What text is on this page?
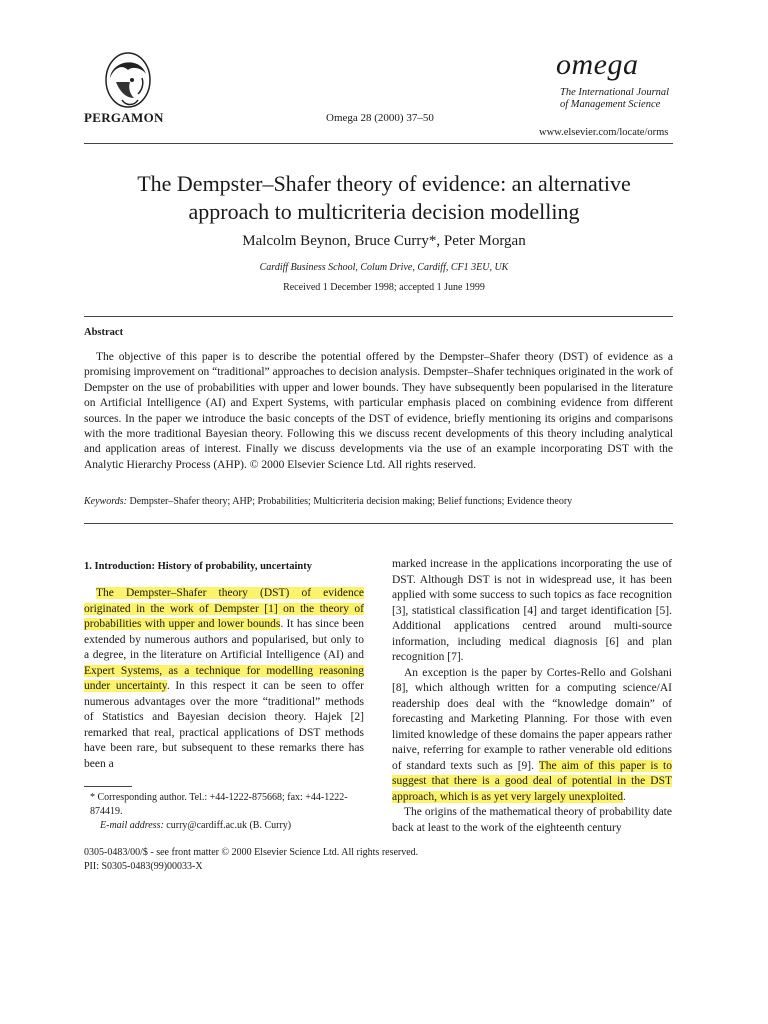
PERGAMON	Omega 28 (2000) 37–50
omega
The International Journal
of Management Science
www.elsevier.com/locate/orms
The Dempster–Shafer theory of evidence: an alternative
approach to multicriteria decision modelling
Malcolm Beynon, Bruce Curry*, Peter Morgan
Cardiff Business School, Colum Drive, Cardiff, CF1 3EU, UK
Received 1 December 1998; accepted 1 June 1999
Abstract

The objective of this paper is to describe the potential offered by the Dempster–Shafer theory (DST) of evidence as a promising improvement on “traditional” approaches to decision analysis. Dempster–Shafer techniques originated in the work of Dempster on the use of probabilities with upper and lower bounds. They have subsequently been popularised in the literature on Artificial Intelligence (AI) and Expert Systems, with particular emphasis placed on combining evidence from different sources. In the paper we introduce the basic concepts of the DST of evidence, briefly mentioning its origins and comparisons with the more traditional Bayesian theory. Following this we discuss recent developments of this theory including analytical and application areas of interest. Finally we discuss developments via the use of an example incorporating DST with the Analytic Hierarchy Process (AHP). © 2000 Elsevier Science Ltd. All rights reserved.

Keywords: Dempster–Shafer theory; AHP; Probabilities; Multicriteria decision making; Belief functions; Evidence theory
1. Introduction: History of probability, uncertainty

The Dempster–Shafer theory (DST) of evidence originated in the work of Dempster [1] on the theory of probabilities with upper and lower bounds. It has since been extended by numerous authors and popularised, but only to a degree, in the literature on Artificial Intelligence (AI) and Expert Systems, as a technique for modelling reasoning under uncertainty. In this respect it can be seen to offer numerous advantages over the more “traditional” methods of Statistics and Bayesian decision theory. Hajek [2] remarked that real, practical applications of DST methods have been rare, but subsequent to these remarks there has been a

* Corresponding author. Tel.: +44-1222-875668; fax: +44-1222-874419.
E-mail address: curry@cardiff.ac.uk (B. Curry)

marked increase in the applications incorporating the use of DST. Although DST is not in widespread use, it has been applied with some success to such topics as face recognition [3], statistical classification [4] and target identification [5]. Additional applications centred around multi-source information, including medical diagnosis [6] and plan recognition [7].

An exception is the paper by Cortes-Rello and Golshani [8], which although written for a computing science/AI readership does deal with the “knowledge domain” of forecasting and Marketing Planning. For those with even limited knowledge of these domains the paper appears rather naive, referring for example to rather venerable old editions of standard texts such as [9]. The aim of this paper is to suggest that there is a good deal of potential in the DST approach, which is as yet very largely unexploited.

The origins of the mathematical theory of probability date back at least to the work of the eighteenth century

0305-0483/00/$ - see front matter © 2000 Elsevier Science Ltd. All rights reserved.
PII: S0305-0483(99)00033-X
